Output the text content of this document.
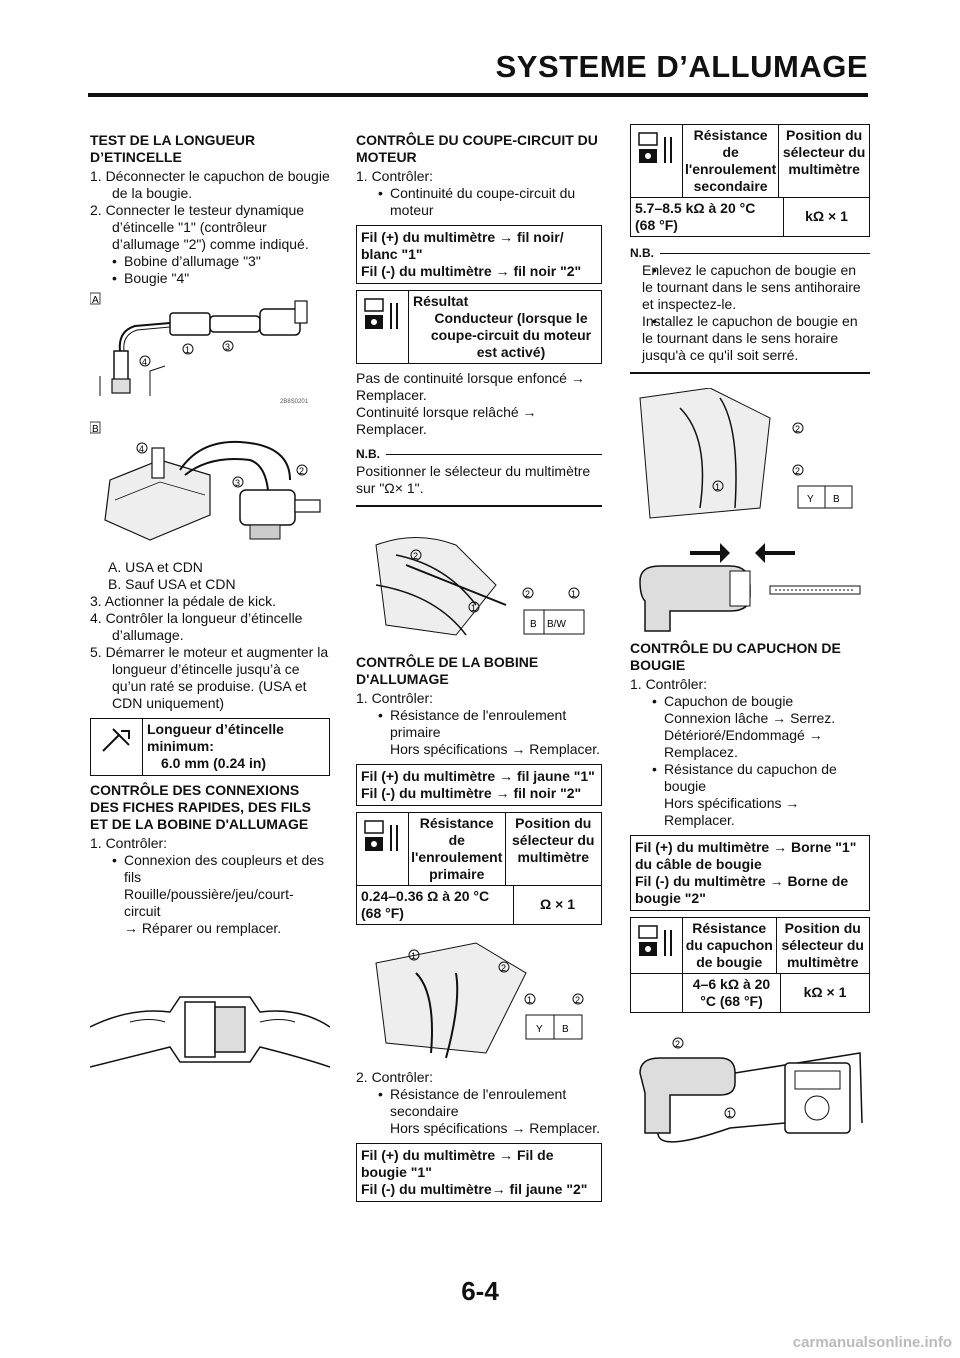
SYSTEME D’ALLUMAGE
TEST DE LA LONGUEUR
D’ETINCELLE
1. Déconnecter le capuchon de bougie de la bougie.
2. Connecter le testeur dynamique d’étincelle "1" (contrôleur d’allumage "2") comme indiqué.
• Bobine d’allumage "3"
• Bougie "4"
A
1	3
4
2B8S0201
B
4
3
2
A. USA et CDN
B. Sauf USA et CDN
3. Actionner la pédale de kick.
4. Contrôler la longueur d’étincelle d’allumage.
5. Démarrer le moteur et augmenter la longueur d’étincelle jusqu’à ce qu’un raté se produise. (USA et CDN uniquement)
Longueur d’étincelle minimum:
6.0 mm (0.24 in)
CONTRÔLE DES CONNEXIONS DES FICHES RAPIDES, DES FILS ET DE LA BOBINE D'ALLUMAGE
1. Contrôler:
• Connexion des coupleurs et des fils
Rouille/poussière/jeu/court-circuit
→ Réparer ou remplacer.
CONTRÔLE DU COUPE-CIRCUIT DU MOTEUR
1. Contrôler:
• Continuité du coupe-circuit du moteur
Fil (+) du multimètre → fil noir/ blanc "1"
Fil (-) du multimètre → fil noir "2"
Résultat
Conducteur (lorsque le coupe-circuit du moteur est activé)
Pas de continuité lorsque enfoncé → Remplacer.
Continuité lorsque relâché → Remplacer.
N.B.
Positionner le sélecteur du multimètre sur "Ω× 1".
2
1
2	1
B B/W
CONTRÔLE DE LA BOBINE D'ALLUMAGE
1. Contrôler:
• Résistance de l'enroulement primaire
Hors spécifications → Remplacer.
Fil (+) du multimètre → fil jaune "1"
Fil (-) du multimètre → fil noir "2"
Résistance de l'enroulement primaire
Position du sélecteur du multimètre
0.24–0.36 Ω à 20 °C (68 °F)
Ω × 1
1
2
1	2
Y B
2. Contrôler:
• Résistance de l'enroulement secondaire
Hors spécifications → Remplacer.
Fil (+) du multimètre → Fil de bougie "1"
Fil (-) du multimètre→ fil jaune "2"
Résistance de l'enroulement secondaire
Position du sélecteur du multimètre
5.7–8.5 kΩ à 20 °C (68 °F)
kΩ × 1
N.B.
• Enlevez le capuchon de bougie en le tournant dans le sens antihoraire et inspectez-le.
• Installez le capuchon de bougie en le tournant dans le sens horaire jusqu'à ce qu'il soit serré.
2
1
2
Y B
CONTRÔLE DU CAPUCHON DE BOUGIE
1. Contrôler:
• Capuchon de bougie
Connexion lâche → Serrez.
Détérioré/Endommagé → Remplacez.
• Résistance du capuchon de bougie
Hors spécifications → Remplacer.
Fil (+) du multimètre → Borne "1" du câble de bougie
Fil (-) du multimètre → Borne de bougie "2"
Résistance du capuchon de bougie
Position du sélecteur du multimètre
4–6 kΩ à 20 °C (68 °F)
kΩ × 1
2
1
6-4
carmanualsonline.info
